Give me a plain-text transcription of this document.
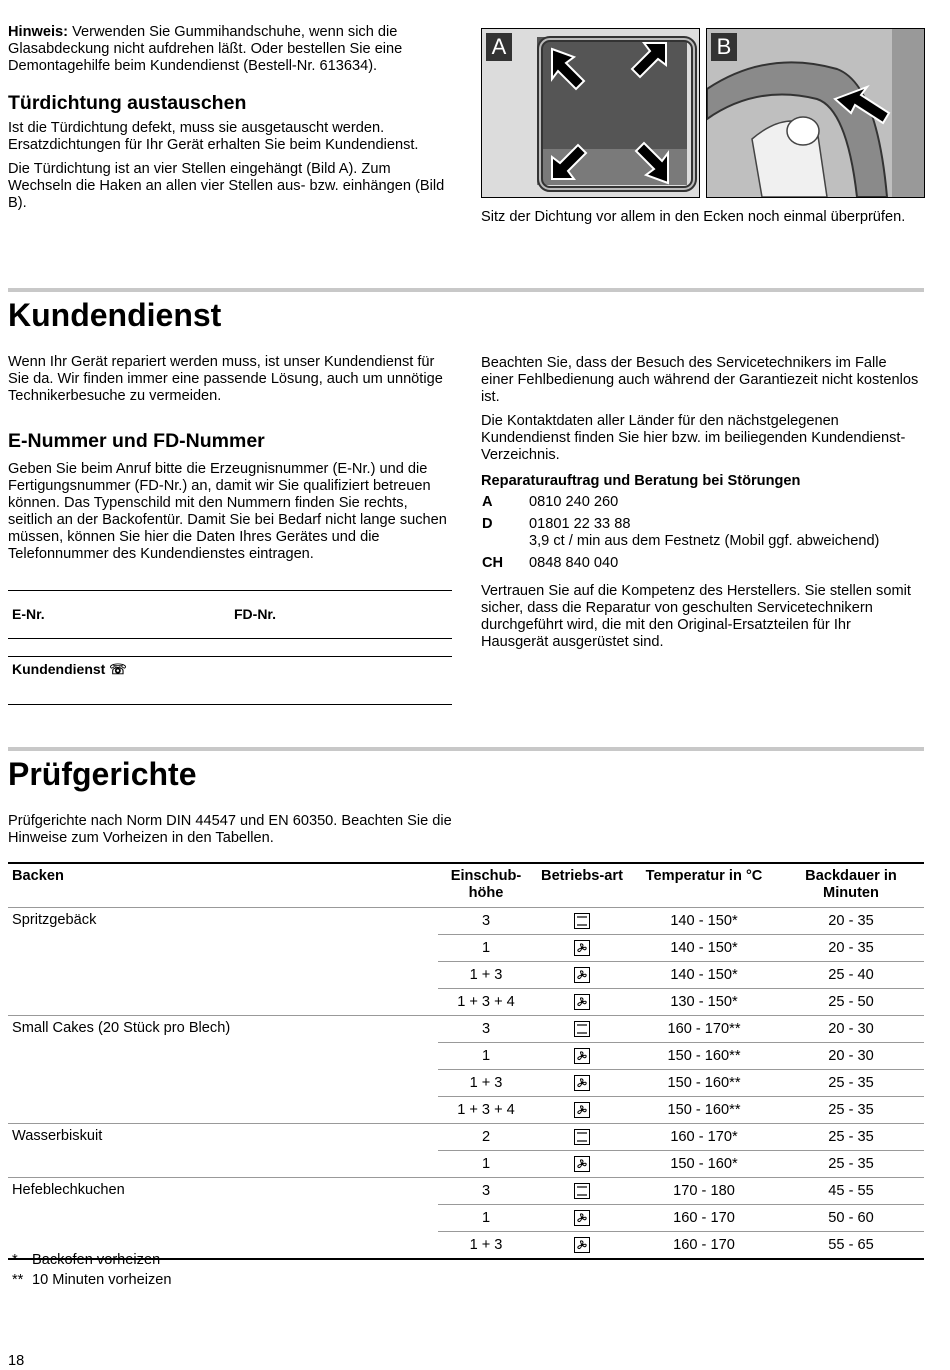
Hinweis: Verwenden Sie Gummihandschuhe, wenn sich die Glasabdeckung nicht aufdrehen läßt. Oder bestellen Sie eine Demontagehilfe beim Kundendienst (Bestell-Nr. 613634).

Türdichtung austauschen

Ist die Türdichtung defekt, muss sie ausgetauscht werden. Ersatzdichtungen für Ihr Gerät erhalten Sie beim Kundendienst.

Die Türdichtung ist an vier Stellen eingehängt (Bild A). Zum Wechseln die Haken an allen vier Stellen aus- bzw. einhängen (Bild B).

A	B

Sitz der Dichtung vor allem in den Ecken noch einmal überprüfen.

Kundendienst

Wenn Ihr Gerät repariert werden muss, ist unser Kundendienst für Sie da. Wir finden immer eine passende Lösung, auch um unnötige Technikerbesuche zu vermeiden.

E-Nummer und FD-Nummer

Geben Sie beim Anruf bitte die Erzeugnisnummer (E-Nr.) und die Fertigungsnummer (FD-Nr.) an, damit wir Sie qualifiziert betreuen können. Das Typenschild mit den Nummern finden Sie rechts, seitlich an der Backofentür. Damit Sie bei Bedarf nicht lange suchen müssen, können Sie hier die Daten Ihres Gerätes und die Telefonnummer des Kundendienstes eintragen.

E-Nr.	FD-Nr.
Kundendienst ☏

Beachten Sie, dass der Besuch des Servicetechnikers im Falle einer Fehlbedienung auch während der Garantiezeit nicht kostenlos ist.

Die Kontaktdaten aller Länder für den nächstgelegenen Kundendienst finden Sie hier bzw. im beiliegenden Kundendienst-Verzeichnis.

Reparaturauftrag und Beratung bei Störungen
A 0810 240 260
D 01801 22 33 88
3,9 ct / min aus dem Festnetz (Mobil ggf. abweichend)
CH 0848 840 040

Vertrauen Sie auf die Kompetenz des Herstellers. Sie stellen somit sicher, dass die Reparatur von geschulten Servicetechnikern durchgeführt wird, die mit den Original-Ersatzteilen für Ihr Hausgerät ausgerüstet sind.

Prüfgerichte

Prüfgerichte nach Norm DIN 44547 und EN 60350. Beachten Sie die Hinweise zum Vorheizen in den Tabellen.

Backen	Einschub-höhe	Betriebs-art	Temperatur in °C	Backdauer in Minuten
Spritzgebäck	3		140 - 150*	20 - 35
	1		140 - 150*	20 - 35
	1 + 3		140 - 150*	25 - 40
	1 + 3 + 4		130 - 150*	25 - 50
Small Cakes (20 Stück pro Blech)	3		160 - 170**	20 - 30
	1		150 - 160**	20 - 30
	1 + 3		150 - 160**	25 - 35
	1 + 3 + 4		150 - 160**	25 - 35
Wasserbiskuit	2		160 - 170*	25 - 35
	1		150 - 160*	25 - 35
Hefeblechkuchen	3		170 - 180	45 - 55
	1		160 - 170	50 - 60
	1 + 3		160 - 170	55 - 65
* Backofen vorheizen
** 10 Minuten vorheizen
18
